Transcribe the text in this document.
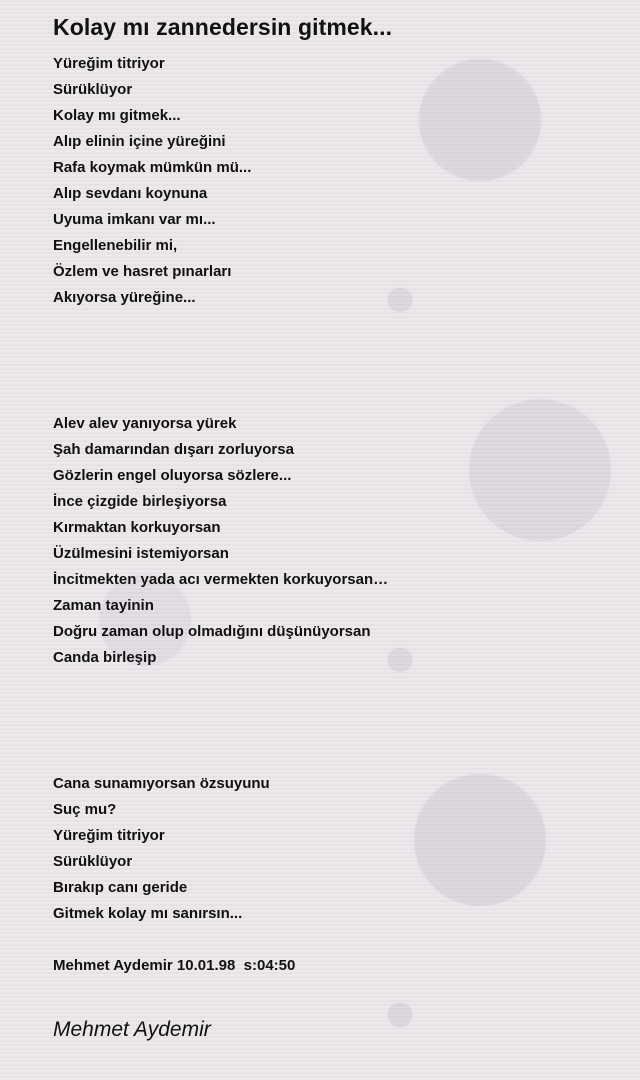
Kolay mı zannedersin gitmek...
Yüreğim titriyor
Sürüklüyor
Kolay mı gitmek...
Alıp elinin içine yüreğini
Rafa koymak mümkün mü...
Alıp sevdanı koynuna
Uyuma imkanı var mı...
Engellenebilir mi,
Özlem ve hasret pınarları
Akıyorsa yüreğine...
Alev alev yanıyorsa yürek
Şah damarından dışarı zorluyorsa
Gözlerin engel oluyorsa sözlere...
İnce çizgide birleşiyorsa
Kırmaktan korkuyorsan
Üzülmesini istemiyorsan
İncitmekten yada acı vermekten korkuyorsan…
Zaman tayinin
Doğru zaman olup olmadığını düşünüyorsan
Canda birleşip
Cana sunamıyorsan özsuyunu
Suç mu?
Yüreğim titriyor
Sürüklüyor
Bırakıp canı geride
Gitmek kolay mı sanırsın...
Mehmet Aydemir 10.01.98  s:04:50
Mehmet Aydemir
